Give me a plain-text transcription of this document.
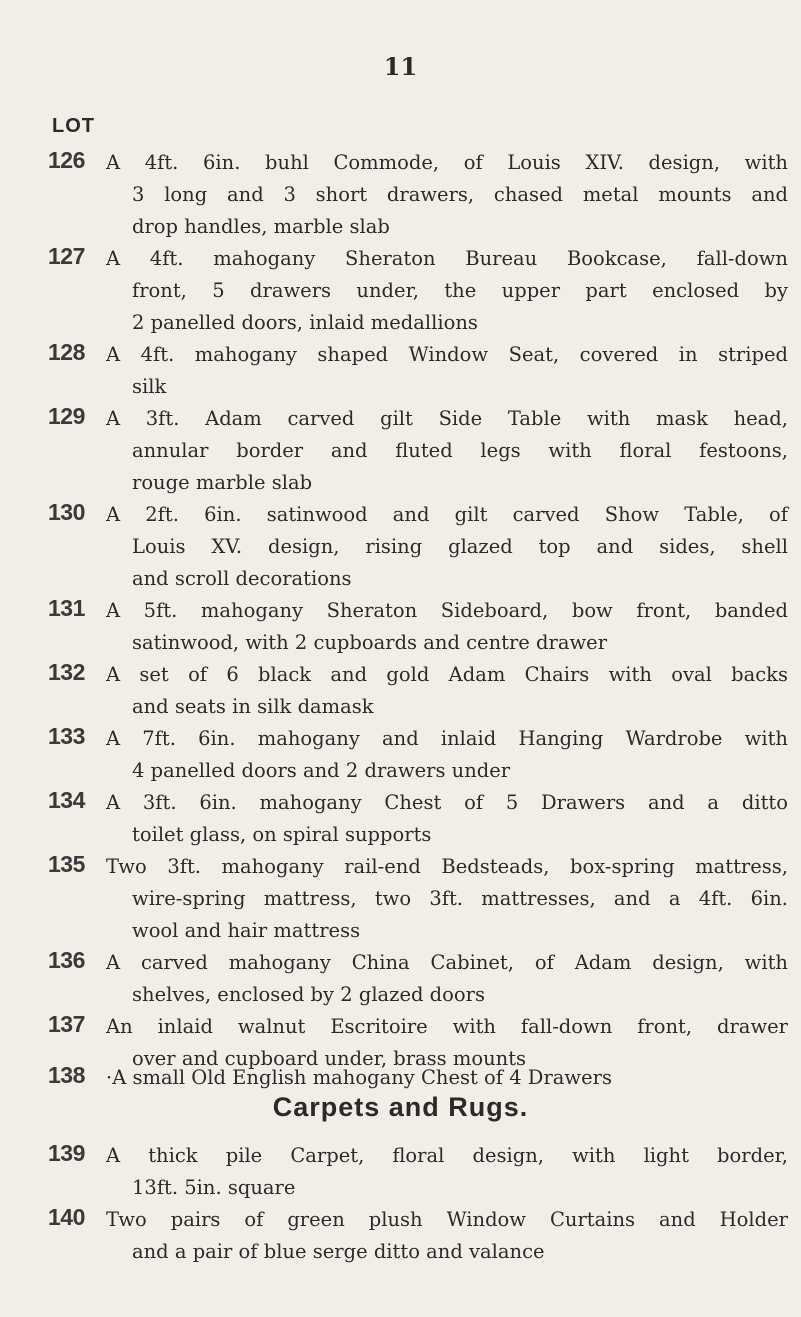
11
LOT
126	A 4ft. 6in. buhl Commode, of Louis XIV. design, with
3 long and 3 short drawers, chased metal mounts and
drop handles, marble slab
127	A 4ft. mahogany Sheraton Bureau Bookcase, fall-down
front, 5 drawers under, the upper part enclosed by
2 panelled doors, inlaid medallions
128	A 4ft. mahogany shaped Window Seat, covered in striped
silk
129	A 3ft. Adam carved gilt Side Table with mask head,
annular border and fluted legs with floral festoons,
rouge marble slab
130	A 2ft. 6in. satinwood and gilt carved Show Table, of
Louis XV. design, rising glazed top and sides, shell
and scroll decorations
131	A 5ft. mahogany Sheraton Sideboard, bow front, banded
satinwood, with 2 cupboards and centre drawer
132	A set of 6 black and gold Adam Chairs with oval backs
and seats in silk damask
133	A 7ft. 6in. mahogany and inlaid Hanging Wardrobe with
4 panelled doors and 2 drawers under
134	A 3ft. 6in. mahogany Chest of 5 Drawers and a ditto
toilet glass, on spiral supports
135	Two 3ft. mahogany rail-end Bedsteads, box-spring mattress,
wire-spring mattress, two 3ft. mattresses, and a 4ft. 6in.
wool and hair mattress
136	A carved mahogany China Cabinet, of Adam design, with
shelves, enclosed by 2 glazed doors
137	An inlaid walnut Escritoire with fall-down front, drawer
over and cupboard under, brass mounts
138	·A small Old English mahogany Chest of 4 Drawers
Carpets and Rugs.
139	A thick pile Carpet, floral design, with light border,
13ft. 5in. square
140	Two pairs of green plush Window Curtains and Holder
and a pair of blue serge ditto and valance
